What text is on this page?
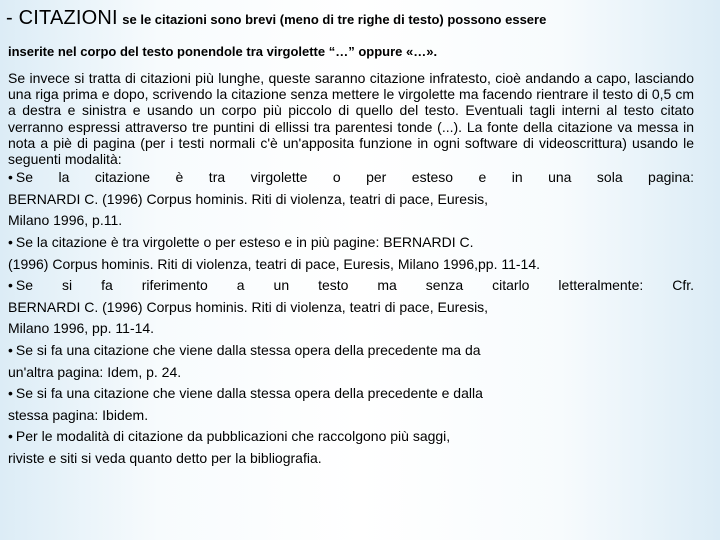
- CITAZIONI se le citazioni sono brevi (meno di tre righe di testo) possono essere
inserite nel corpo del testo ponendole tra virgolette “…” oppure «…».

Se invece si tratta di citazioni più lunghe, queste saranno citazione infratesto, cioè andando a capo, lasciando una riga prima e dopo, scrivendo la citazione senza mettere le virgolette ma facendo rientrare il testo di 0,5 cm a destra e sinistra e usando un corpo più piccolo di quello del testo. Eventuali tagli interni al testo citato verranno espressi attraverso tre puntini di ellissi tra parentesi tonde (...). La fonte della citazione va messa in nota a piè di pagina (per i testi normali c'è un'apposita funzione in ogni software di videoscrittura) usando le seguenti modalità:

• Se la citazione è tra virgolette o per esteso e in una sola pagina:
BERNARDI C. (1996) Corpus hominis. Riti di violenza, teatri di pace, Euresis,
Milano 1996, p.11.
• Se la citazione è tra virgolette o per esteso e in più pagine: BERNARDI C.
(1996) Corpus hominis. Riti di violenza, teatri di pace, Euresis, Milano 1996,pp. 11-14.
• Se si fa riferimento a un testo ma senza citarlo letteralmente: Cfr.
BERNARDI C. (1996) Corpus hominis. Riti di violenza, teatri di pace, Euresis,
Milano 1996, pp. 11-14.
• Se si fa una citazione che viene dalla stessa opera della precedente ma da
un'altra pagina: Idem, p. 24.
• Se si fa una citazione che viene dalla stessa opera della precedente e dalla
stessa pagina: Ibidem.
• Per le modalità di citazione da pubblicazioni che raccolgono più saggi,
riviste e siti si veda quanto detto per la bibliografia.
